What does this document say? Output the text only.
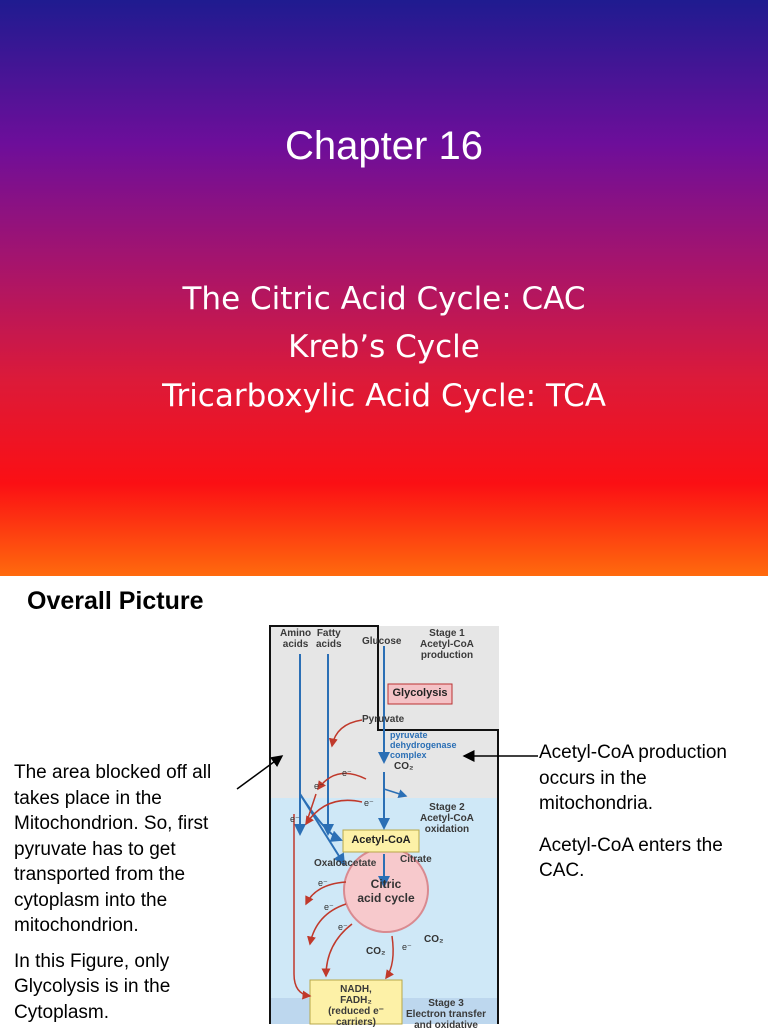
Chapter 16
The Citric Acid Cycle: CAC
Kreb’s Cycle
Tricarboxylic Acid Cycle: TCA
Overall Picture
Amino
acids
Fatty
acids Glucose
Stage 1
Acetyl-CoA
production
Glycolysis
Pyruvate
pyruvate
dehydrogenase
complex
CO₂
Acetyl-CoA
Stage 2
Acetyl-CoA
oxidation
Oxaloacetate Citrate
Citric
acid cycle
CO₂
CO₂
e⁻
e⁻
e⁻
e⁻
e⁻
e⁻
e⁻
e⁻
NADH,
FADH₂
(reduced e⁻ carriers)
Stage 3
Electron transfer
and oxidative

The area blocked off all takes place in the Mitochondrion. So, first pyruvate has to get transported from the cytoplasm into the mitochondrion.

In this Figure, only Glycolysis is in the Cytoplasm.

Acetyl-CoA production occurs in the mitochondria.

Acetyl-CoA enters the CAC.
